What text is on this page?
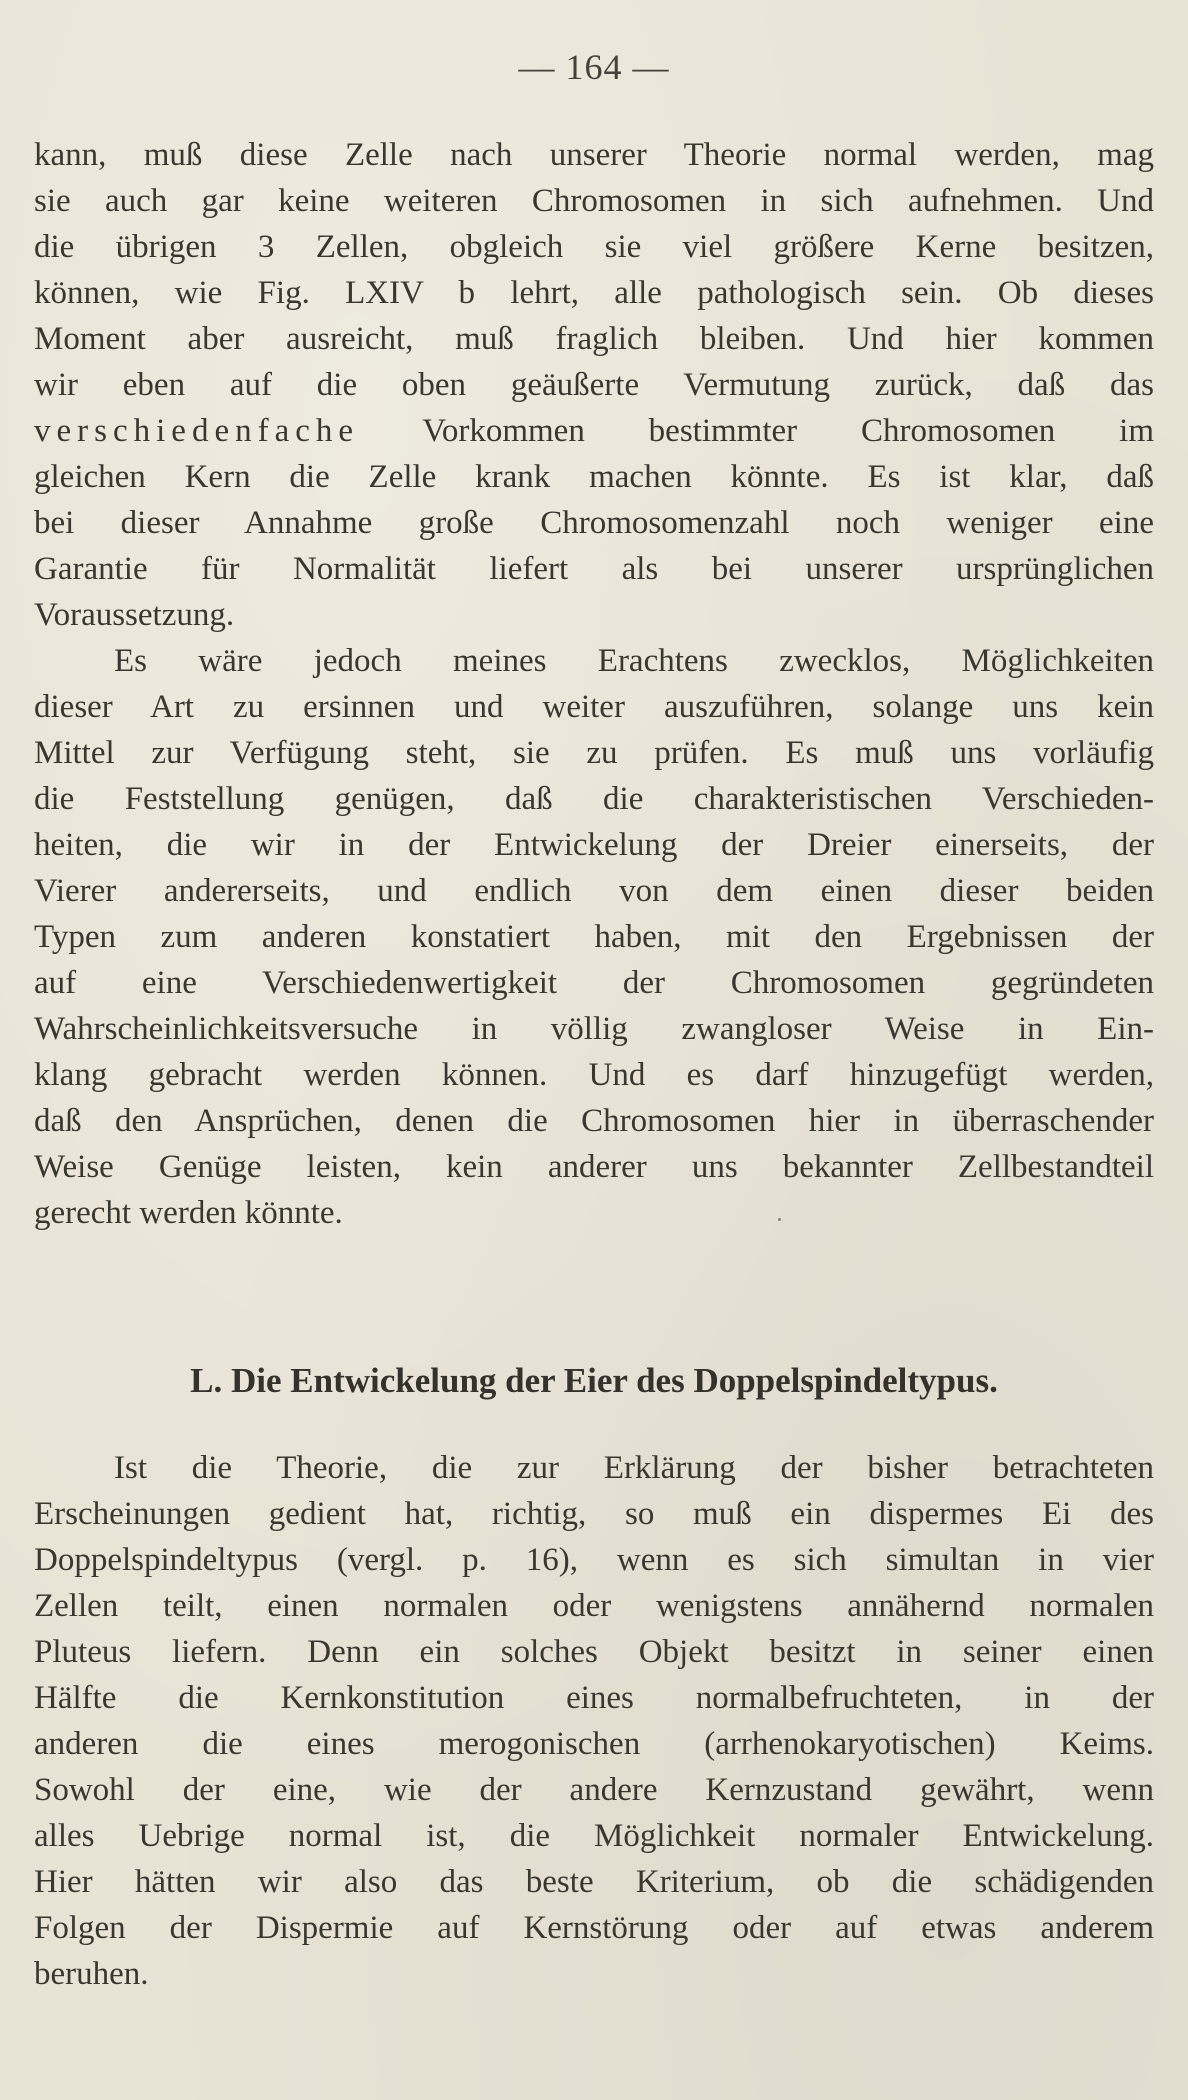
— 164 —
kann, muß diese Zelle nach unserer Theorie normal werden, mag
sie auch gar keine weiteren Chromosomen in sich aufnehmen. Und
die übrigen 3 Zellen, obgleich sie viel größere Kerne besitzen,
können, wie Fig. LXIV b lehrt, alle pathologisch sein. Ob dieses
Moment aber ausreicht, muß fraglich bleiben. Und hier kommen
wir eben auf die oben geäußerte Vermutung zurück, daß das
verschiedenfache Vorkommen bestimmter Chromosomen im
gleichen Kern die Zelle krank machen könnte. Es ist klar, daß
bei dieser Annahme große Chromosomenzahl noch weniger eine
Garantie für Normalität liefert als bei unserer ursprünglichen
Voraussetzung.
Es wäre jedoch meines Erachtens zwecklos, Möglichkeiten
dieser Art zu ersinnen und weiter auszuführen, solange uns kein
Mittel zur Verfügung steht, sie zu prüfen. Es muß uns vorläufig
die Feststellung genügen, daß die charakteristischen Verschieden-
heiten, die wir in der Entwickelung der Dreier einerseits, der
Vierer andererseits, und endlich von dem einen dieser beiden
Typen zum anderen konstatiert haben, mit den Ergebnissen der
auf eine Verschiedenwertigkeit der Chromosomen gegründeten
Wahrscheinlichkeitsversuche in völlig zwangloser Weise in Ein-
klang gebracht werden können. Und es darf hinzugefügt werden,
daß den Ansprüchen, denen die Chromosomen hier in überraschender
Weise Genüge leisten, kein anderer uns bekannter Zellbestandteil
gerecht werden könnte.
L. Die Entwickelung der Eier des Doppelspindeltypus.
Ist die Theorie, die zur Erklärung der bisher betrachteten
Erscheinungen gedient hat, richtig, so muß ein dispermes Ei des
Doppelspindeltypus (vergl. p. 16), wenn es sich simultan in vier
Zellen teilt, einen normalen oder wenigstens annähernd normalen
Pluteus liefern. Denn ein solches Objekt besitzt in seiner einen
Hälfte die Kernkonstitution eines normalbefruchteten, in der
anderen die eines merogonischen (arrhenokaryotischen) Keims.
Sowohl der eine, wie der andere Kernzustand gewährt, wenn
alles Uebrige normal ist, die Möglichkeit normaler Entwickelung.
Hier hätten wir also das beste Kriterium, ob die schädigenden
Folgen der Dispermie auf Kernstörung oder auf etwas anderem
beruhen.
